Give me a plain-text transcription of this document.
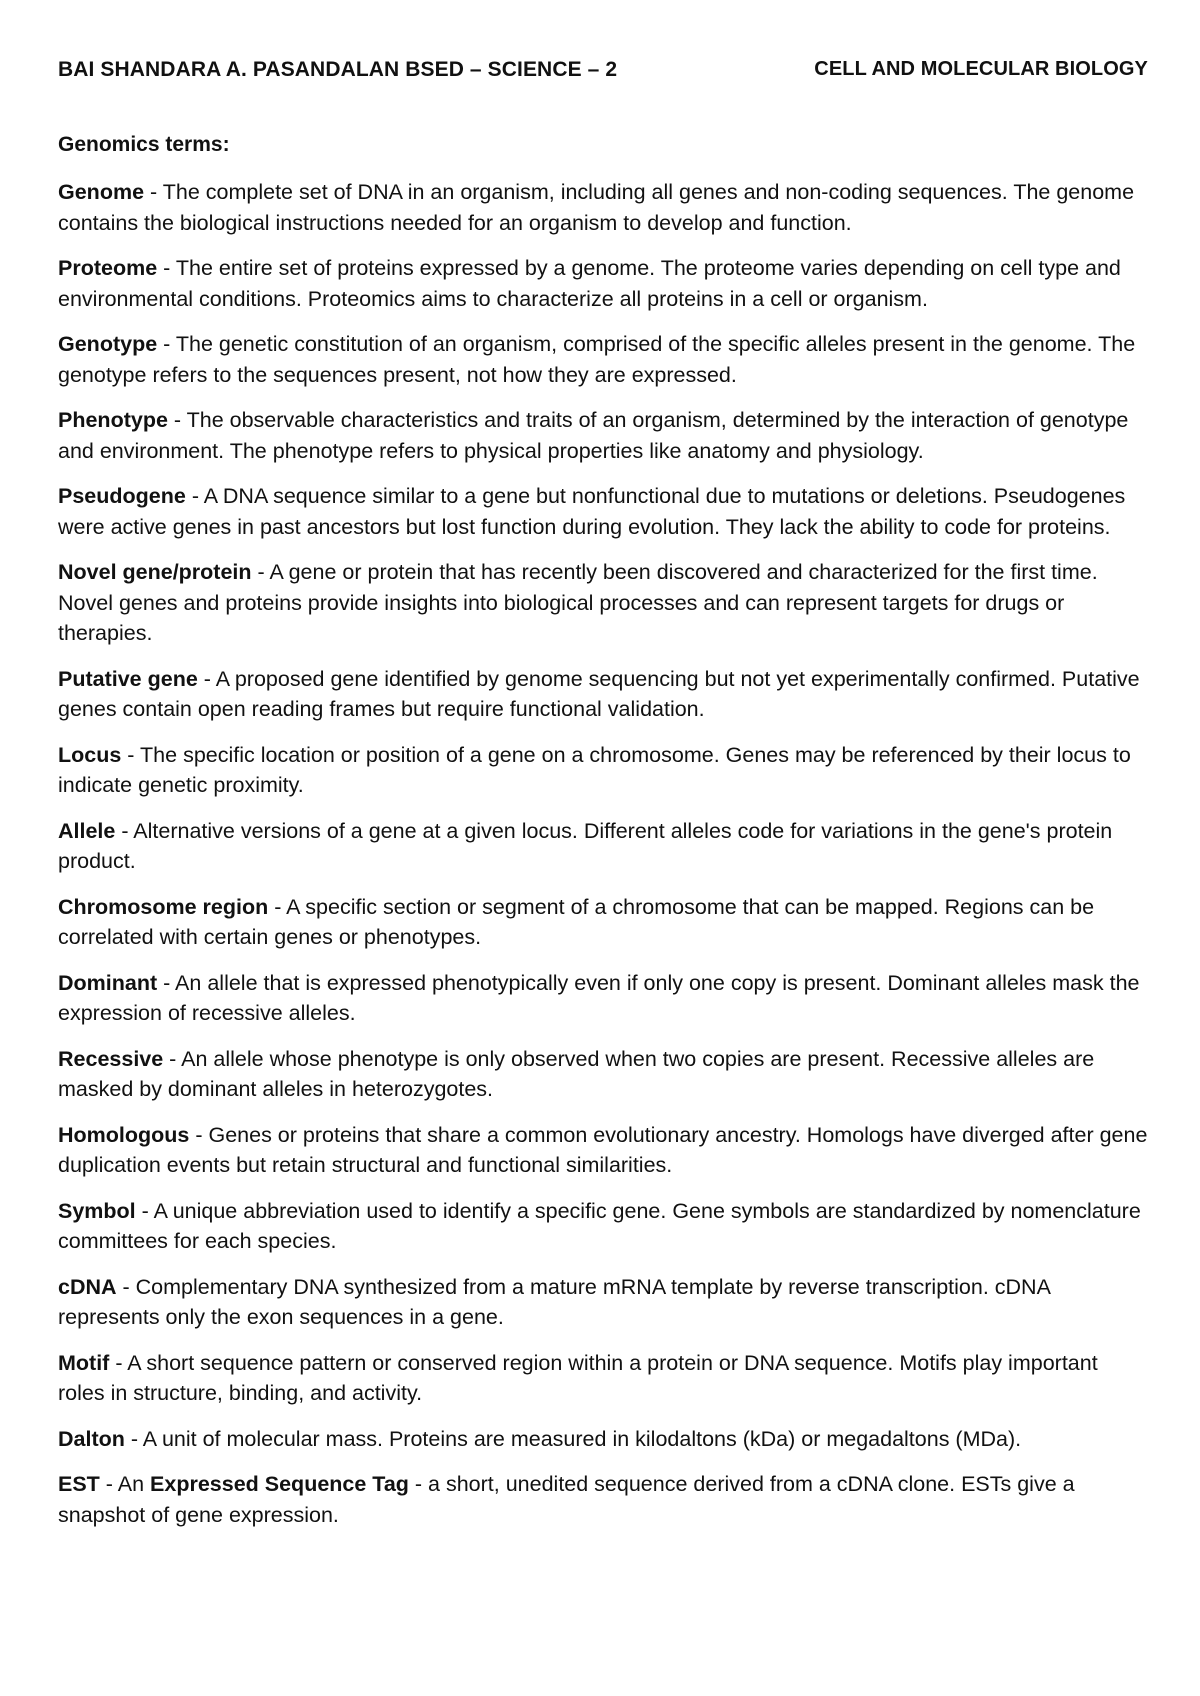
BAI SHANDARA A. PASANDALAN BSED – SCIENCE – 2	CELL AND MOLECULAR BIOLOGY
Genomics terms:

Genome - The complete set of DNA in an organism, including all genes and non-coding sequences. The genome contains the biological instructions needed for an organism to develop and function.

Proteome - The entire set of proteins expressed by a genome. The proteome varies depending on cell type and environmental conditions. Proteomics aims to characterize all proteins in a cell or organism.

Genotype - The genetic constitution of an organism, comprised of the specific alleles present in the genome. The genotype refers to the sequences present, not how they are expressed.

Phenotype - The observable characteristics and traits of an organism, determined by the interaction of genotype and environment. The phenotype refers to physical properties like anatomy and physiology.

Pseudogene - A DNA sequence similar to a gene but nonfunctional due to mutations or deletions. Pseudogenes were active genes in past ancestors but lost function during evolution. They lack the ability to code for proteins.

Novel gene/protein - A gene or protein that has recently been discovered and characterized for the first time. Novel genes and proteins provide insights into biological processes and can represent targets for drugs or therapies.

Putative gene - A proposed gene identified by genome sequencing but not yet experimentally confirmed. Putative genes contain open reading frames but require functional validation.

Locus - The specific location or position of a gene on a chromosome. Genes may be referenced by their locus to indicate genetic proximity.

Allele - Alternative versions of a gene at a given locus. Different alleles code for variations in the gene's protein product.

Chromosome region - A specific section or segment of a chromosome that can be mapped. Regions can be correlated with certain genes or phenotypes.

Dominant - An allele that is expressed phenotypically even if only one copy is present. Dominant alleles mask the expression of recessive alleles.

Recessive - An allele whose phenotype is only observed when two copies are present. Recessive alleles are masked by dominant alleles in heterozygotes.

Homologous - Genes or proteins that share a common evolutionary ancestry. Homologs have diverged after gene duplication events but retain structural and functional similarities.

Symbol - A unique abbreviation used to identify a specific gene. Gene symbols are standardized by nomenclature committees for each species.

cDNA - Complementary DNA synthesized from a mature mRNA template by reverse transcription. cDNA represents only the exon sequences in a gene.

Motif - A short sequence pattern or conserved region within a protein or DNA sequence. Motifs play important roles in structure, binding, and activity.

Dalton - A unit of molecular mass. Proteins are measured in kilodaltons (kDa) or megadaltons (MDa).

EST - An Expressed Sequence Tag - a short, unedited sequence derived from a cDNA clone. ESTs give a snapshot of gene expression.
